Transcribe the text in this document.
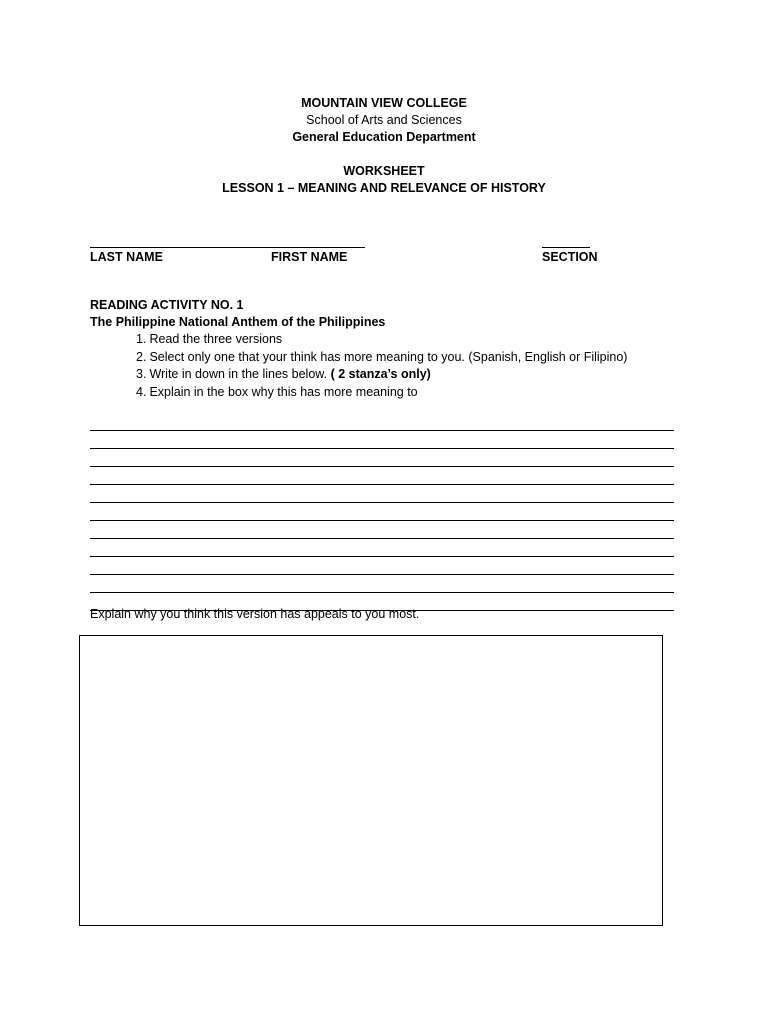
MOUNTAIN VIEW COLLEGE
School of Arts and Sciences
General Education Department
WORKSHEET
LESSON 1 – MEANING AND RELEVANCE OF HISTORY
LAST NAME	FIRST NAME	SECTION
READING ACTIVITY NO. 1
The Philippine National Anthem of the Philippines
1. Read the three versions
2. Select only one that your think has more meaning to you. (Spanish, English or Filipino)
3. Write in down in the lines below. ( 2 stanza’s only)
4. Explain in the box why this has more meaning to
Explain why you think this version has appeals to you most.
